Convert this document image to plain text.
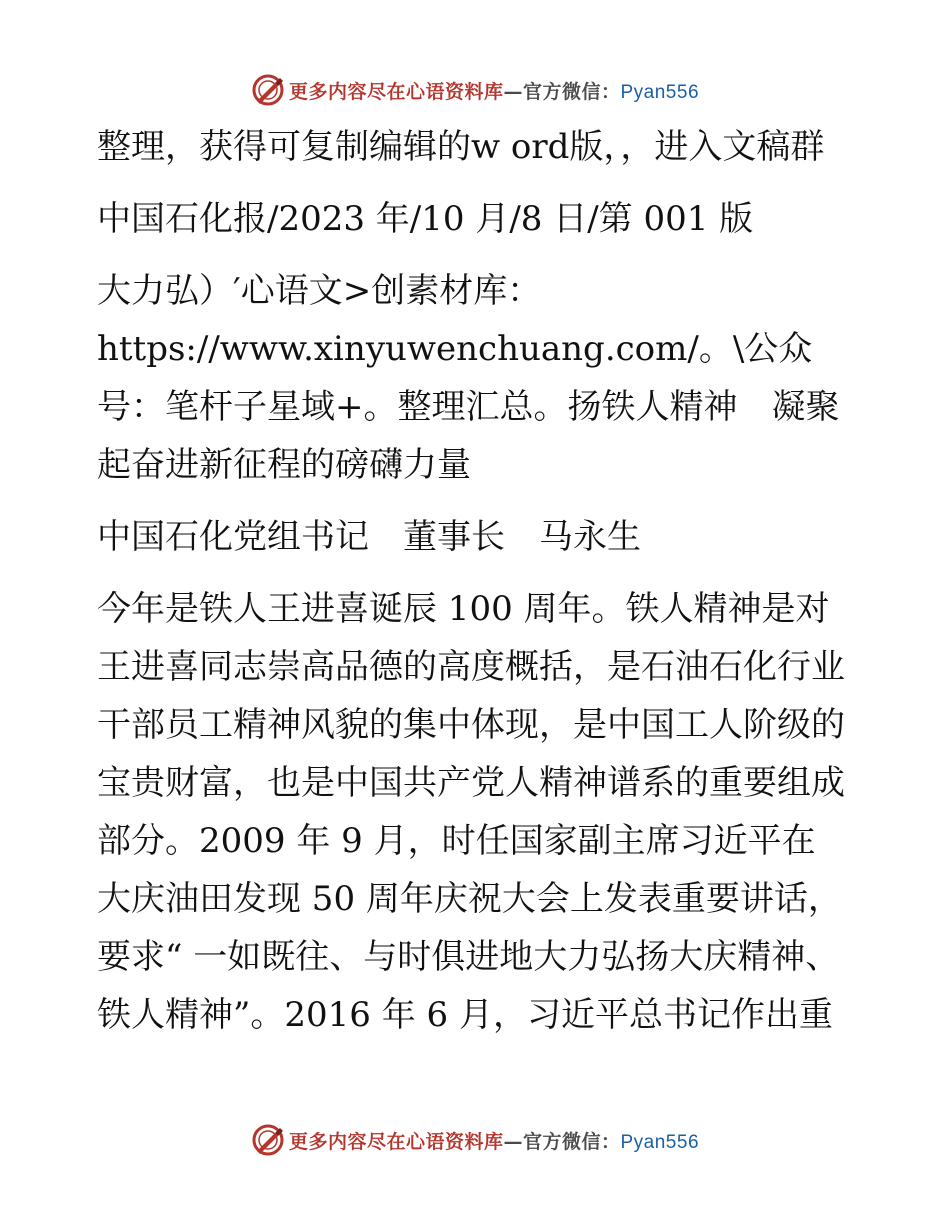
更多内容尽在心语资料库—官方微信：Pyan556

整理，获得可复制编辑的w ord版，，进入文稿群

中国石化报/2023 年/10 月/8 日/第 001 版

大力弘）′心语文>创素材库：https://www.xinyuwenchuang.com/。\公众号：笔杆子星域+。整理汇总。扬铁人精神　凝聚起奋进新征程的磅礴力量

中国石化党组书记　董事长　马永生

今年是铁人王进喜诞辰 100 周年。铁人精神是对王进喜同志崇高品德的高度概括，是石油石化行业干部员工精神风貌的集中体现，是中国工人阶级的宝贵财富，也是中国共产党人精神谱系的重要组成部分。2009 年 9 月，时任国家副主席习近平在大庆油田发现 50 周年庆祝大会上发表重要讲话，要求“ 一如既往、与时俱进地大力弘扬大庆精神、铁人精神”。2016 年 6 月，习近平总书记作出重

更多内容尽在心语资料库—官方微信：Pyan556
